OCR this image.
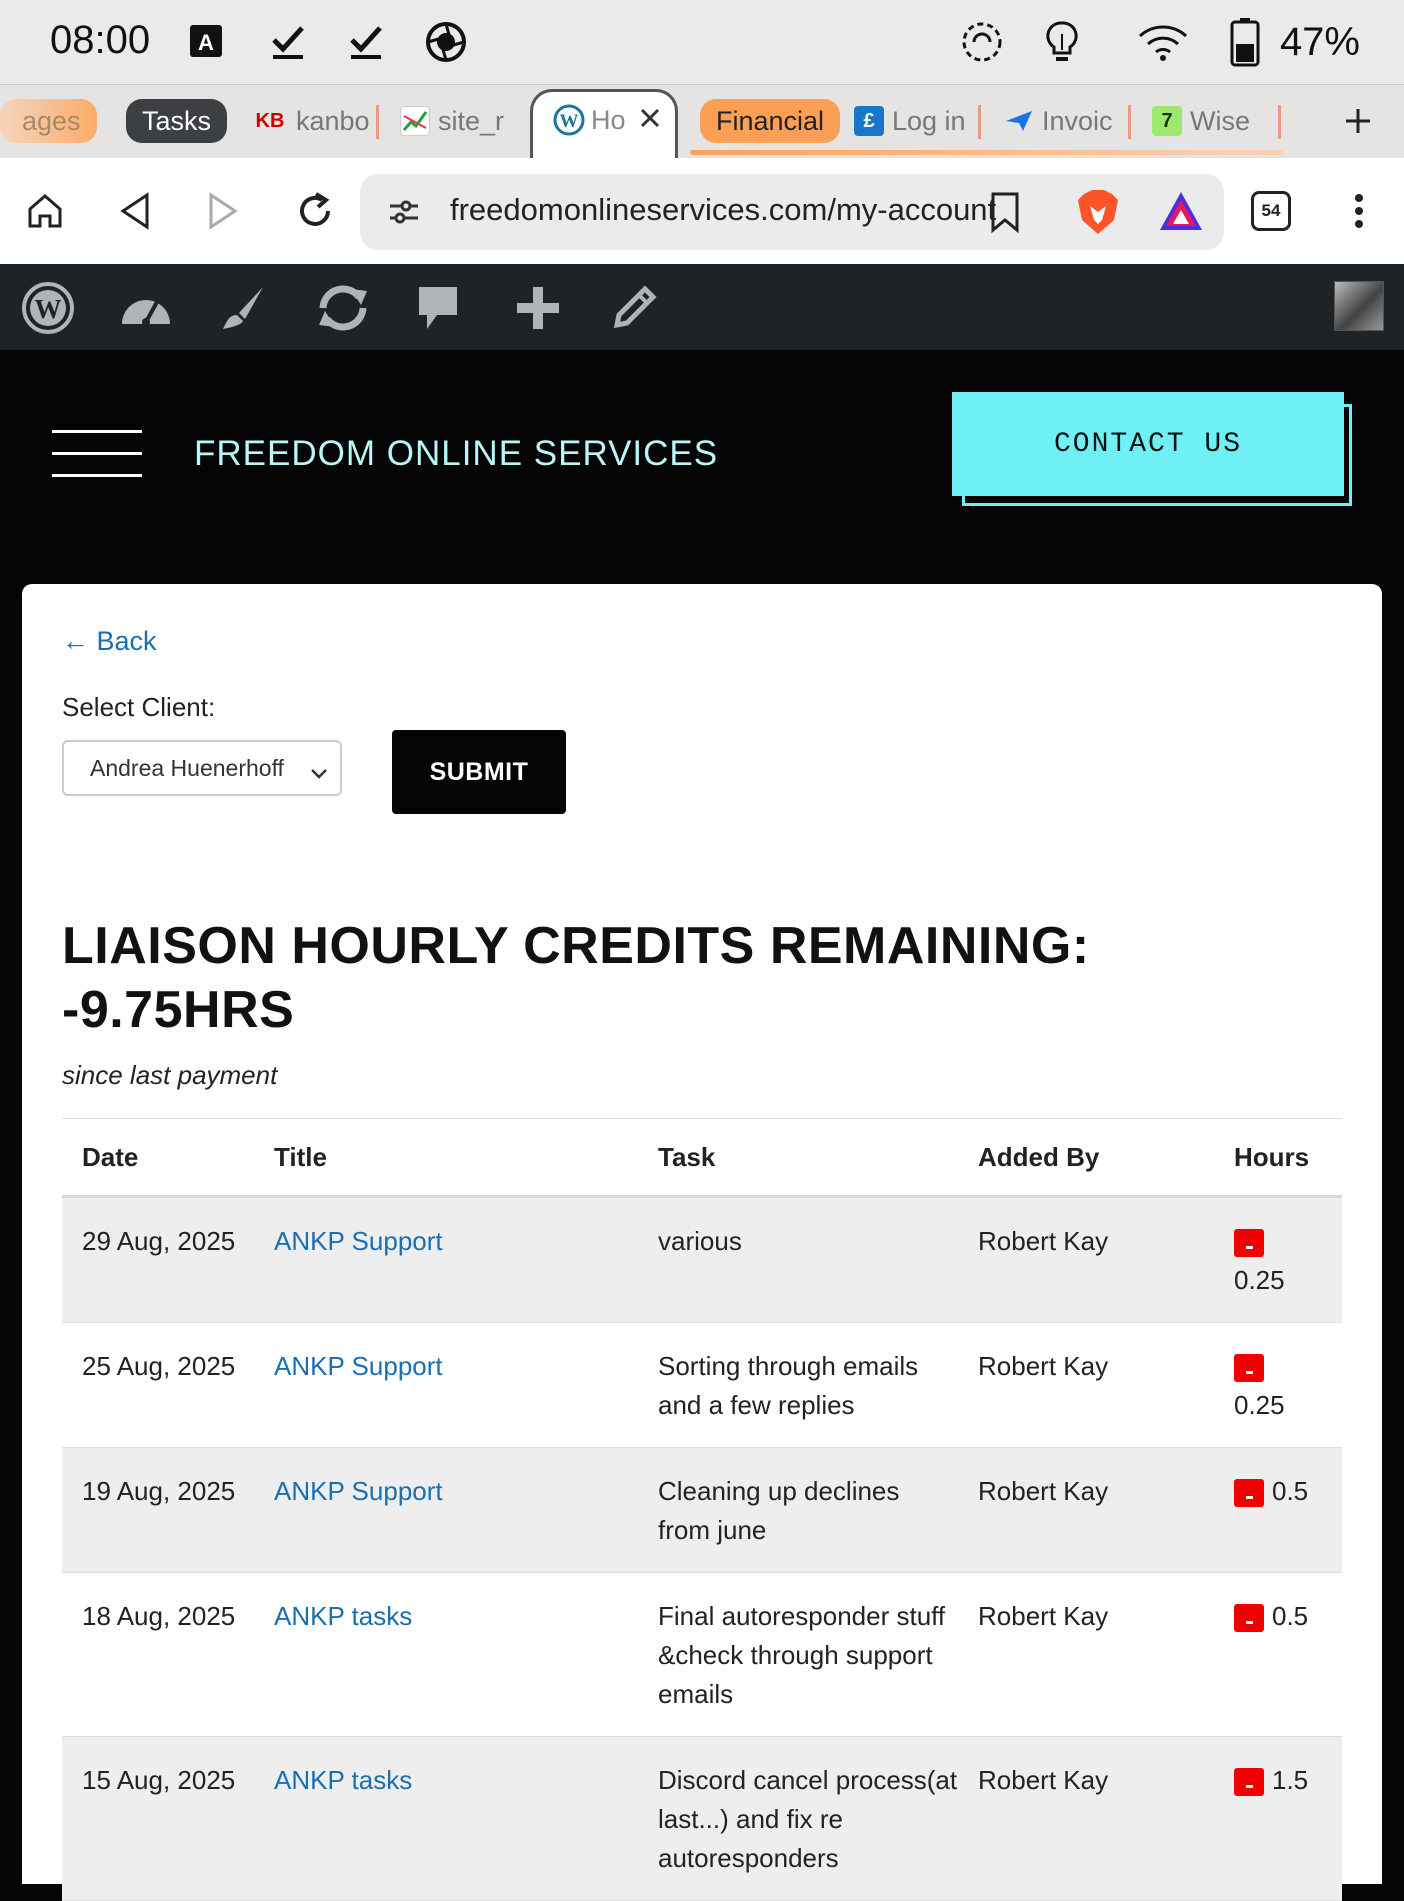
08:00 A	47%
ages	Tasks	KB kanbo	site_r	W Ho	Financial	£ Log in	Invoic	7 Wise
freedomonlineservices.com/my-account	54
W
FREEDOM ONLINE SERVICES	CONTACT US
← Back
Select Client:
Andrea Huenerhoff	SUBMIT
LIAISON HOURLY CREDITS REMAINING:
-9.75HRS
since last payment
Date	Title	Task	Added By	Hours
29 Aug, 2025	ANKP Support	various	Robert Kay	0.25
25 Aug, 2025	ANKP Support	Sorting through emails and a few replies	Robert Kay	0.25
19 Aug, 2025	ANKP Support	Cleaning up declines from june	Robert Kay	0.5
18 Aug, 2025	ANKP tasks	Final autoresponder stuff &check through support emails	Robert Kay	0.5
15 Aug, 2025	ANKP tasks	Discord cancel process(at last...) and fix re autoresponders	Robert Kay	1.5
